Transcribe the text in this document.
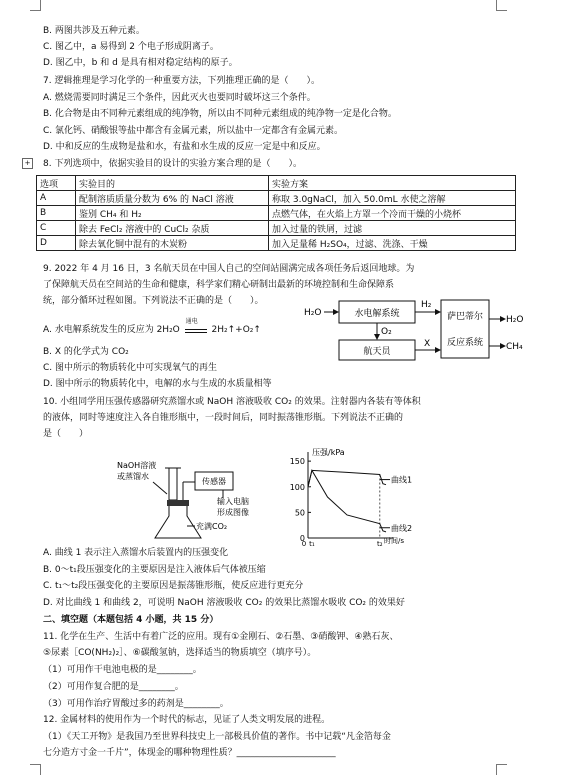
B. 两图共涉及五种元素。
C. 图乙中，a 易得到 2 个电子形成阴离子。
D. 图乙中，b 和 d 是具有相对稳定结构的原子。
7. 逻辑推理是学习化学的一种重要方法，下列推理正确的是（　　）。
A. 燃烧需要同时满足三个条件，因此灭火也要同时破坏这三个条件。
B. 化合物是由不同种元素组成的纯净物，所以由不同种元素组成的纯净物一定是化合物。
C. 氯化钙、硝酸银等盐中都含有金属元素，所以盐中一定都含有金属元素。
D. 中和反应的生成物是盐和水，有盐和水生成的反应一定是中和反应。
+ 8. 下列选项中，依据实验目的设计的实验方案合理的是（　　）。
选项	实验目的	实验方案
A	配制溶质质量分数为 6% 的 NaCl 溶液	称取 3.0gNaCl，加入 50.0mL 水使之溶解
B	鉴别 CH₄ 和 H₂	点燃气体，在火焰上方罩一个冷而干燥的小烧杯
C	除去 FeCl₂ 溶液中的 CuCl₂ 杂质	加入过量的铁屑，过滤
D	除去氧化铜中混有的木炭粉	加入足量稀 H₂SO₄，过滤、洗涤、干燥
9. 2022 年 4 月 16 日，3 名航天员在中国人自己的空间站圆满完成各项任务后返回地球。为
了保障航天员在空间站的生命和健康，科学家们精心研制出最新的环境控制和生命保障系
统，部分循环过程如图。下列说法不正确的是（　　）。
A. 水电解系统发生的反应为 2H₂O
通电
2H₂↑+O₂↑
B. X 的化学式为 CO₂
C. 图中所示的物质转化中可实现氧气的再生
D. 图中所示的物质转化中，电解的水与生成的水质量相等
H₂O	水电解系统
H₂
萨巴蒂尔
反应系统
H₂O
CH₄
O₂
航天员
X
10. 小组同学用压强传感器研究蒸馏水或 NaOH 溶液吸收 CO₂ 的效果。注射器内各装有等体积
的液体，同时等速度注入各自锥形瓶中，一段时间后，同时振荡锥形瓶。下列说法不正确的
是（　　）
NaOH溶液
或蒸馏水
传感器
输入电脑
形成图像
充满CO₂
压强/kPa
时间/s
0
50
100
150
0 t₁	t₂
曲线1
曲线2
A. 曲线 1 表示注入蒸馏水后装置内的压强变化
B. 0～t₁段压强变化的主要原因是注入液体后气体被压缩
C. t₁～t₂段压强变化的主要原因是振荡锥形瓶，使反应进行更充分
D. 对比曲线 1 和曲线 2，可说明 NaOH 溶液吸收 CO₂ 的效果比蒸馏水吸收 CO₂ 的效果好
二、填空题（本题包括 4 小题，共 15 分）
11. 化学在生产、生活中有着广泛的应用。现有①金刚石、②石墨、③硝酸钾、④熟石灰、
⑤尿素［CO(NH₂)₂］、⑥碳酸氢钠，选择适当的物质填空（填序号）。
（1）可用作干电池电极的是________。
（2）可用作复合肥的是________。
（3）可用作治疗胃酸过多的药剂是________。
12. 金属材料的使用作为一个时代的标志，见证了人类文明发展的进程。
（1）《天工开物》是我国乃至世界科技史上一部极具价值的著作。书中记载“凡金箔每金
七分造方寸金一千片”，体现金的哪种物理性质？______________________
